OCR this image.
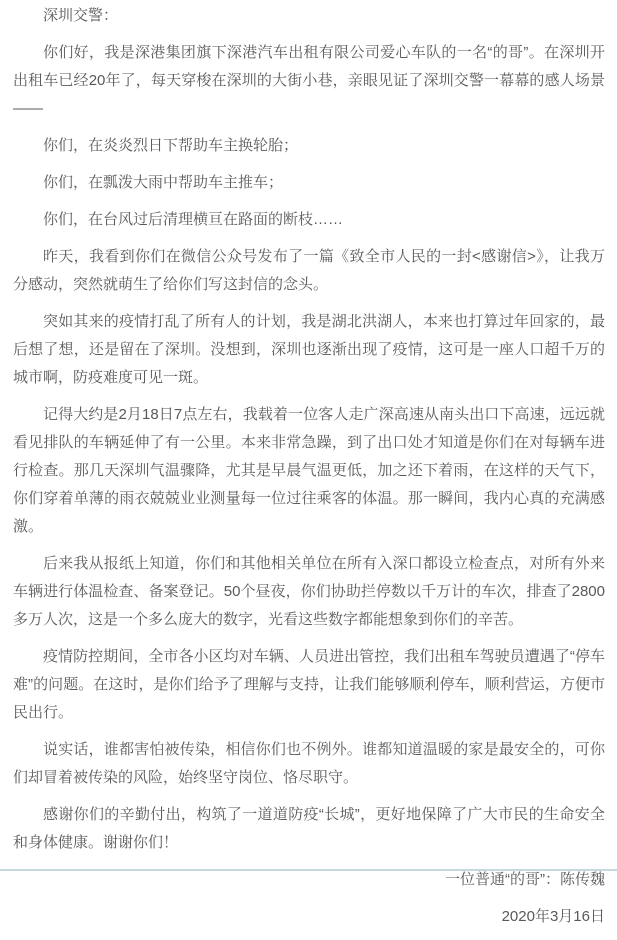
深圳交警：

你们好，我是深港集团旗下深港汽车出租有限公司爱心车队的一名“的哥”。在深圳开出租车已经20年了，每天穿梭在深圳的大街小巷，亲眼见证了深圳交警一幕幕的感人场景——

你们，在炎炎烈日下帮助车主换轮胎；

你们，在瓢泼大雨中帮助车主推车；

你们，在台风过后清理横亘在路面的断枝……

昨天，我看到你们在微信公众号发布了一篇《致全市人民的一封<感谢信>》，让我万分感动，突然就萌生了给你们写这封信的念头。

突如其来的疫情打乱了所有人的计划，我是湖北洪湖人，本来也打算过年回家的，最后想了想，还是留在了深圳。没想到，深圳也逐渐出现了疫情，这可是一座人口超千万的城市啊，防疫难度可见一斑。

记得大约是2月18日7点左右，我载着一位客人走广深高速从南头出口下高速，远远就看见排队的车辆延伸了有一公里。本来非常急躁，到了出口处才知道是你们在对每辆车进行检查。那几天深圳气温骤降，尤其是早晨气温更低，加之还下着雨，在这样的天气下，你们穿着单薄的雨衣兢兢业业测量每一位过往乘客的体温。那一瞬间，我内心真的充满感激。

后来我从报纸上知道，你们和其他相关单位在所有入深口都设立检查点，对所有外来车辆进行体温检查、备案登记。50个昼夜，你们协助拦停数以千万计的车次，排查了2800多万人次，这是一个多么庞大的数字，光看这些数字都能想象到你们的辛苦。

疫情防控期间，全市各小区均对车辆、人员进出管控，我们出租车驾驶员遭遇了“停车难”的问题。在这时，是你们给予了理解与支持，让我们能够顺利停车，顺利营运，方便市民出行。

说实话，谁都害怕被传染，相信你们也不例外。谁都知道温暖的家是最安全的，可你们却冒着被传染的风险，始终坚守岗位、恪尽职守。

感谢你们的辛勤付出，构筑了一道道防疫“长城”，更好地保障了广大市民的生命安全和身体健康。谢谢你们！

一位普通“的哥”：陈传魏

2020年3月16日
